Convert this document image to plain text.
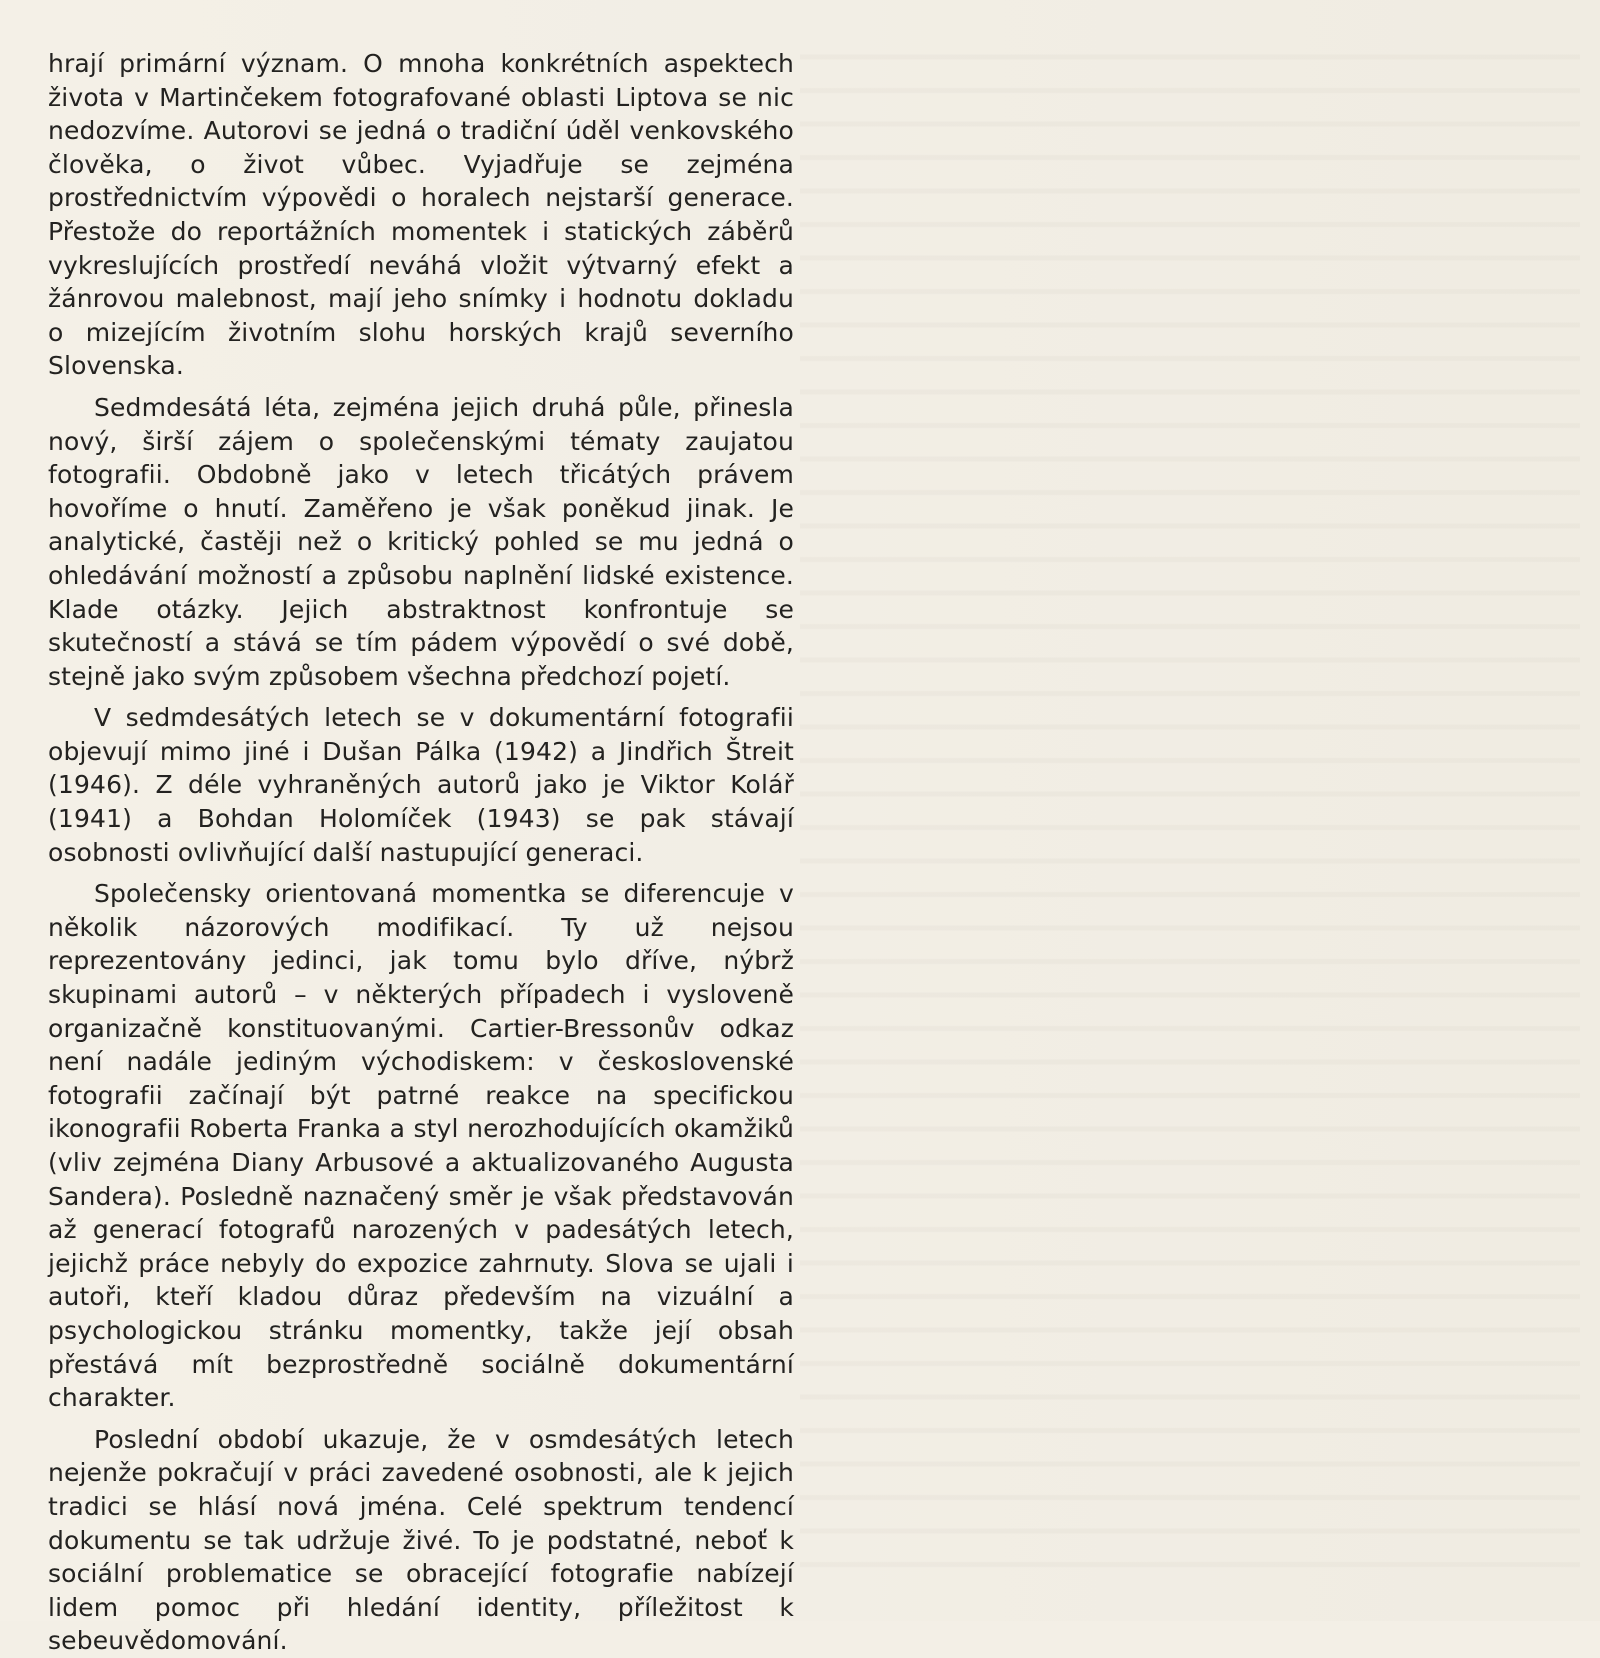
hrají primární význam. O mnoha konkrétních aspektech života v Martinčekem fotografované oblasti Liptova se nic nedozvíme. Autorovi se jedná o tradiční úděl venkovského člověka, o život vůbec. Vyjadřuje se zejména prostřednictvím výpovědi o horalech nejstarší generace. Přestože do reportážních momentek i statických záběrů vykreslujících prostředí neváhá vložit výtvarný efekt a žánrovou malebnost, mají jeho snímky i hodnotu dokladu o mizejícím životním slohu horských krajů severního Slovenska.

Sedmdesátá léta, zejména jejich druhá půle, přinesla nový, širší zájem o společenskými tématy zaujatou fotografii. Obdobně jako v letech třicátých právem hovoříme o hnutí. Zaměřeno je však poněkud jinak. Je analytické, častěji než o kritický pohled se mu jedná o ohledávání možností a způsobu naplnění lidské existence. Klade otázky. Jejich abstraktnost konfrontuje se skutečností a stává se tím pádem výpovědí o své době, stejně jako svým způsobem všechna předchozí pojetí.

V sedmdesátých letech se v dokumentární fotografii objevují mimo jiné i Dušan Pálka (1942) a Jindřich Štreit (1946). Z déle vyhraněných autorů jako je Viktor Kolář (1941) a Bohdan Holomíček (1943) se pak stávají osobnosti ovlivňující další nastupující generaci.

Společensky orientovaná momentka se diferencuje v několik názorových modifikací. Ty už nejsou reprezentovány jedinci, jak tomu bylo dříve, nýbrž skupinami autorů – v některých případech i vysloveně organizačně konstituovanými. Cartier-Bressonův odkaz není nadále jediným východiskem: v československé fotografii začínají být patrné reakce na specifickou ikonografii Roberta Franka a styl nerozhodujících okamžiků (vliv zejména Diany Arbusové a aktualizovaného Augusta Sandera). Posledně naznačený směr je však představován až generací fotografů narozených v padesátých letech, jejichž práce nebyly do expozice zahrnuty. Slova se ujali i autoři, kteří kladou důraz především na vizuální a psychologickou stránku momentky, takže její obsah přestává mít bezprostředně sociálně dokumentární charakter.

Poslední období ukazuje, že v osmdesátých letech nejenže pokračují v práci zavedené osobnosti, ale k jejich tradici se hlásí nová jména. Celé spektrum tendencí dokumentu se tak udržuje živé. To je podstatné, neboť k sociální problematice se obracející fotografie nabízejí lidem pomoc při hledání identity, příležitost k sebeuvědomování.
